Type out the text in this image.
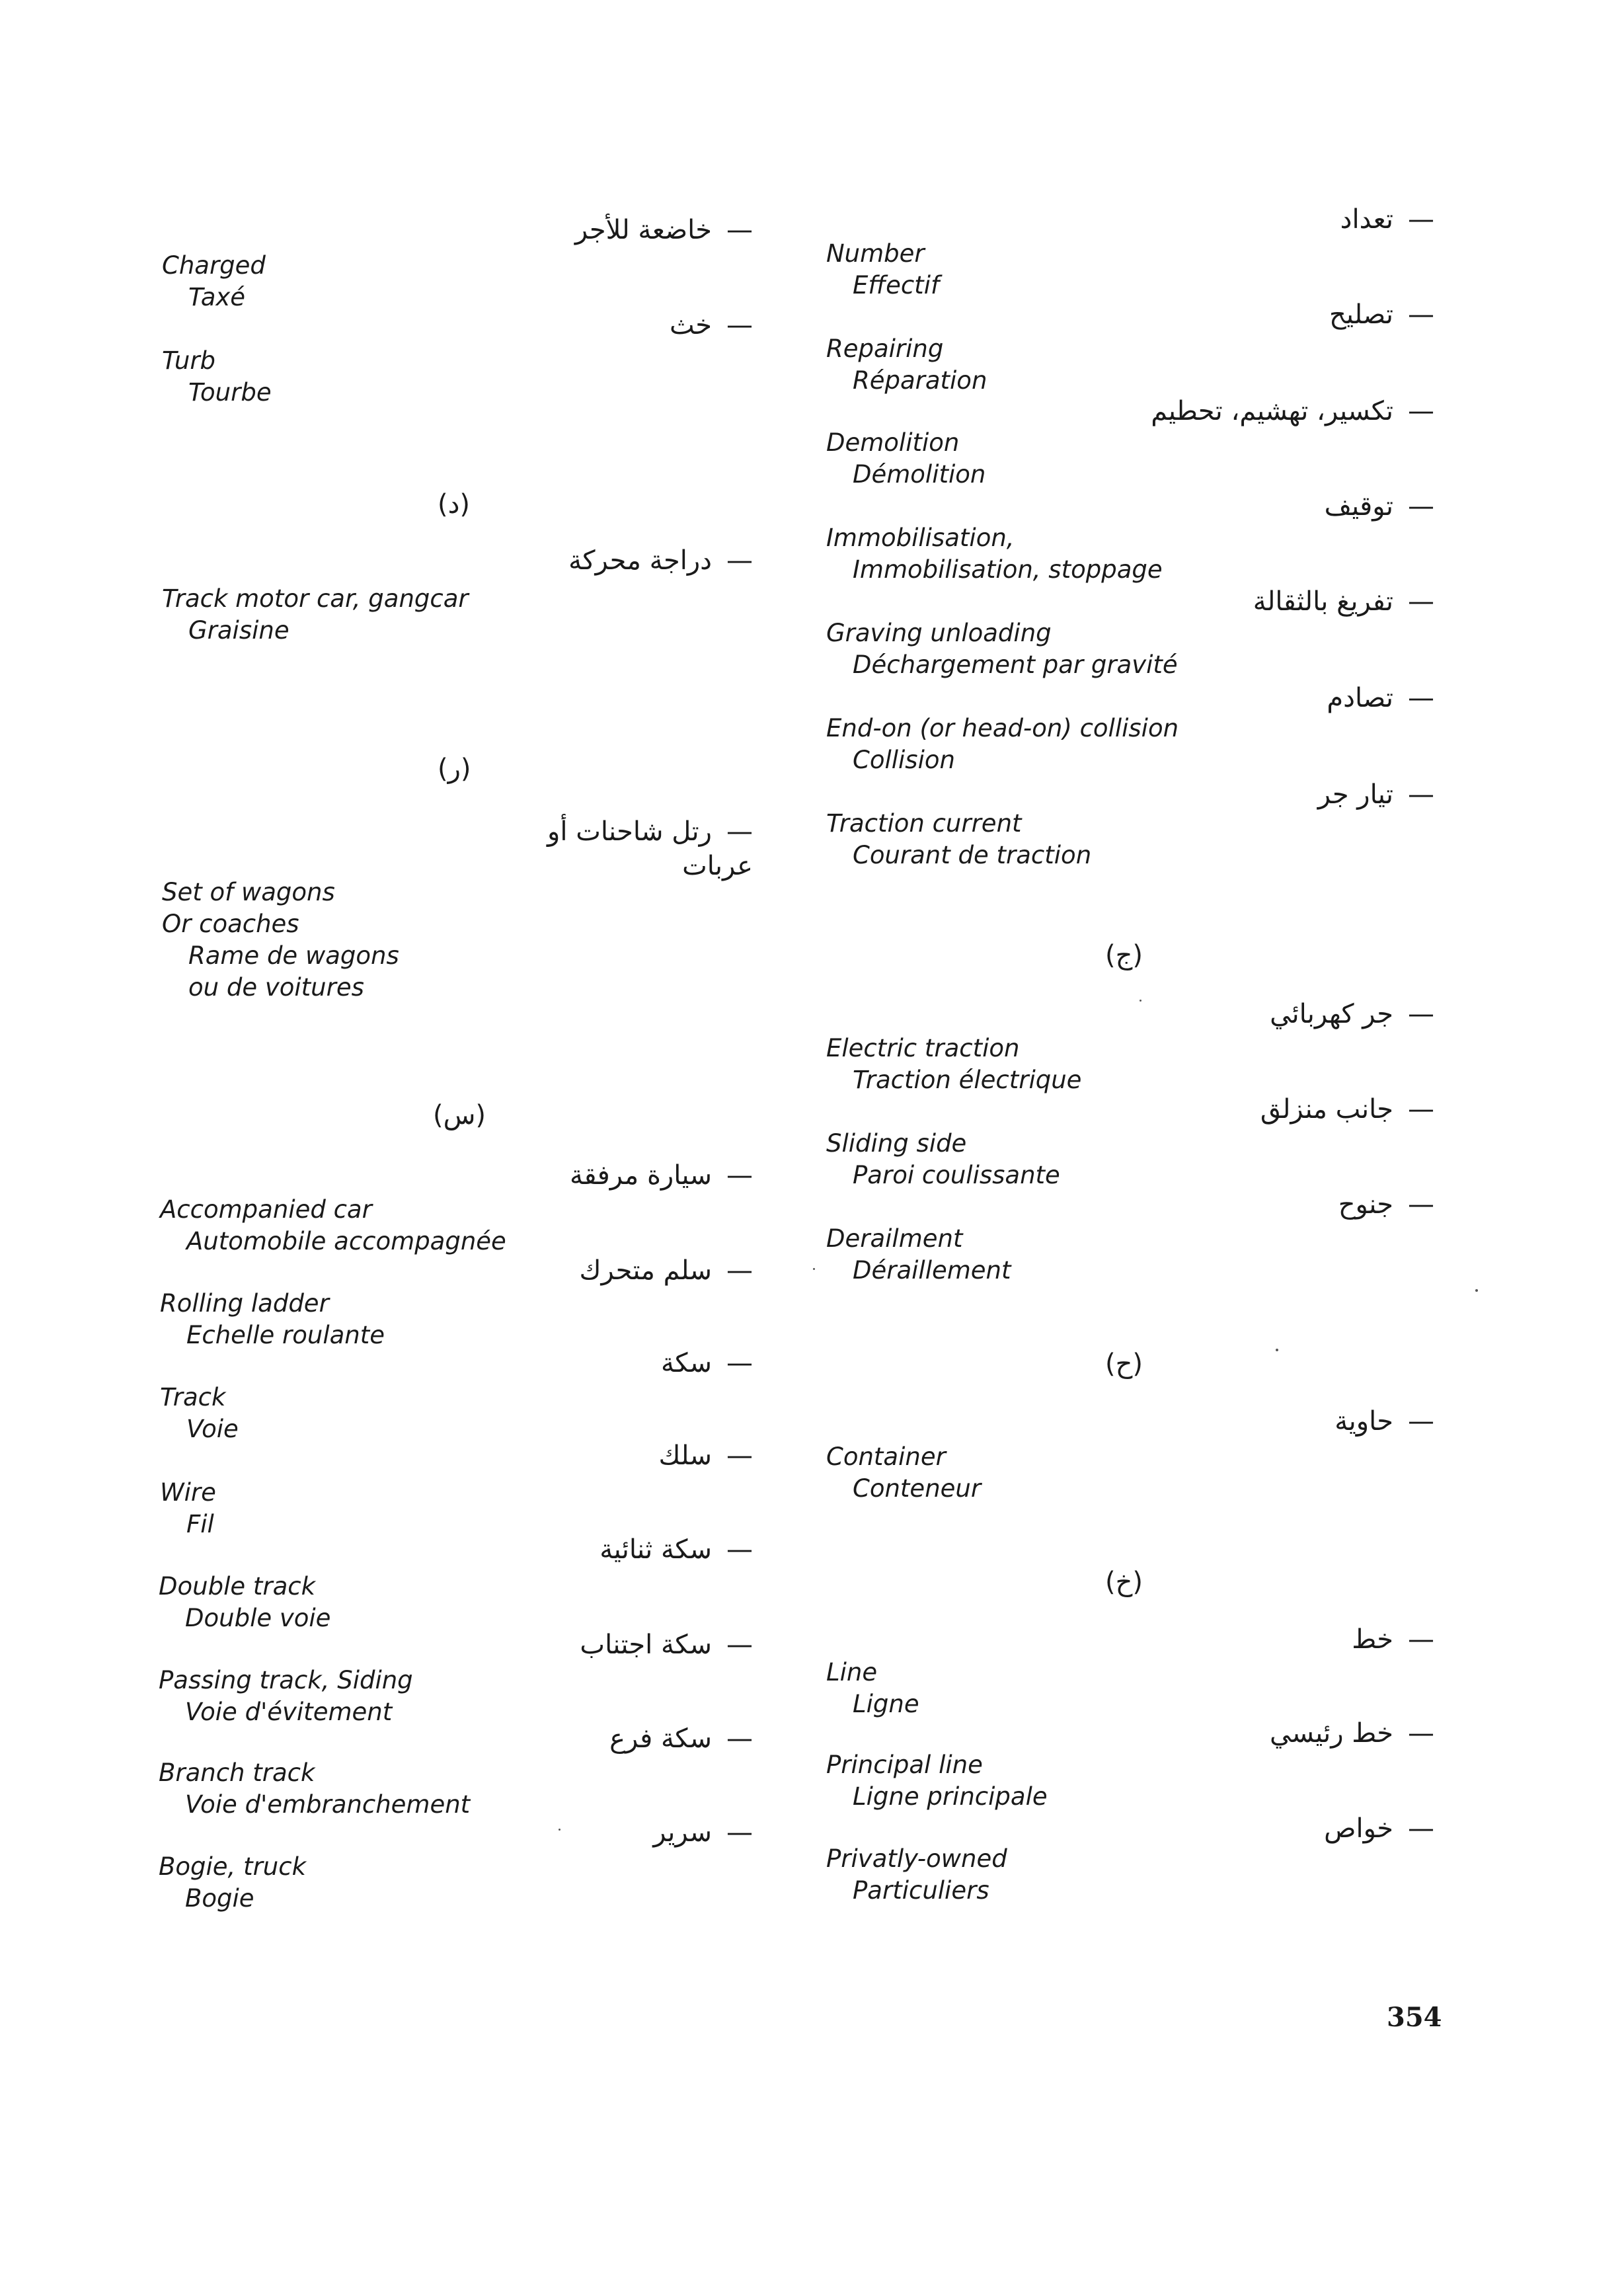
—خاضعة للأجر
Charged
Taxé
—خث
Turb
Tourbe
(د)
—دراجة محركة
Track motor car, gangcar
Graisine
(ر)
—رتل شاحنات أو
عربات
Set of wagons
Or coaches
Rame de wagons
ou de voitures
(س)
—سيارة مرفقة
Accompanied car
Automobile accompagnée
—سلم متحرك
Rolling ladder
Echelle roulante
—سكة
Track
Voie
—سلك
Wire
Fil
—سكة ثنائية
Double track
Double voie
—سكة اجتناب
Passing track, Siding
Voie d'évitement
—سكة فرع
Branch track
Voie d'embranchement
—سرير
Bogie, truck
Bogie
—تعداد
Number
Effectif
—تصليح
Repairing
Réparation
—تكسير، تهشيم، تحطيم
Demolition
Démolition
—توقيف
Immobilisation,
Immobilisation, stoppage
—تفريغ بالثقالة
Graving unloading
Déchargement par gravité
—تصادم
End-on (or head-on) collision
Collision
—تيار جر
Traction current
Courant de traction
(ج)
—جر كهربائي
Electric traction
Traction électrique
—جانب منزلق
Sliding side
Paroi coulissante
—جنوح
Derailment
Déraillement
(ح)
—حاوية
Container
Conteneur
(خ)
—خط
Line
Ligne
—خط رئيسي
Principal line
Ligne principale
—خواص
Privatly-owned
Particuliers
354
